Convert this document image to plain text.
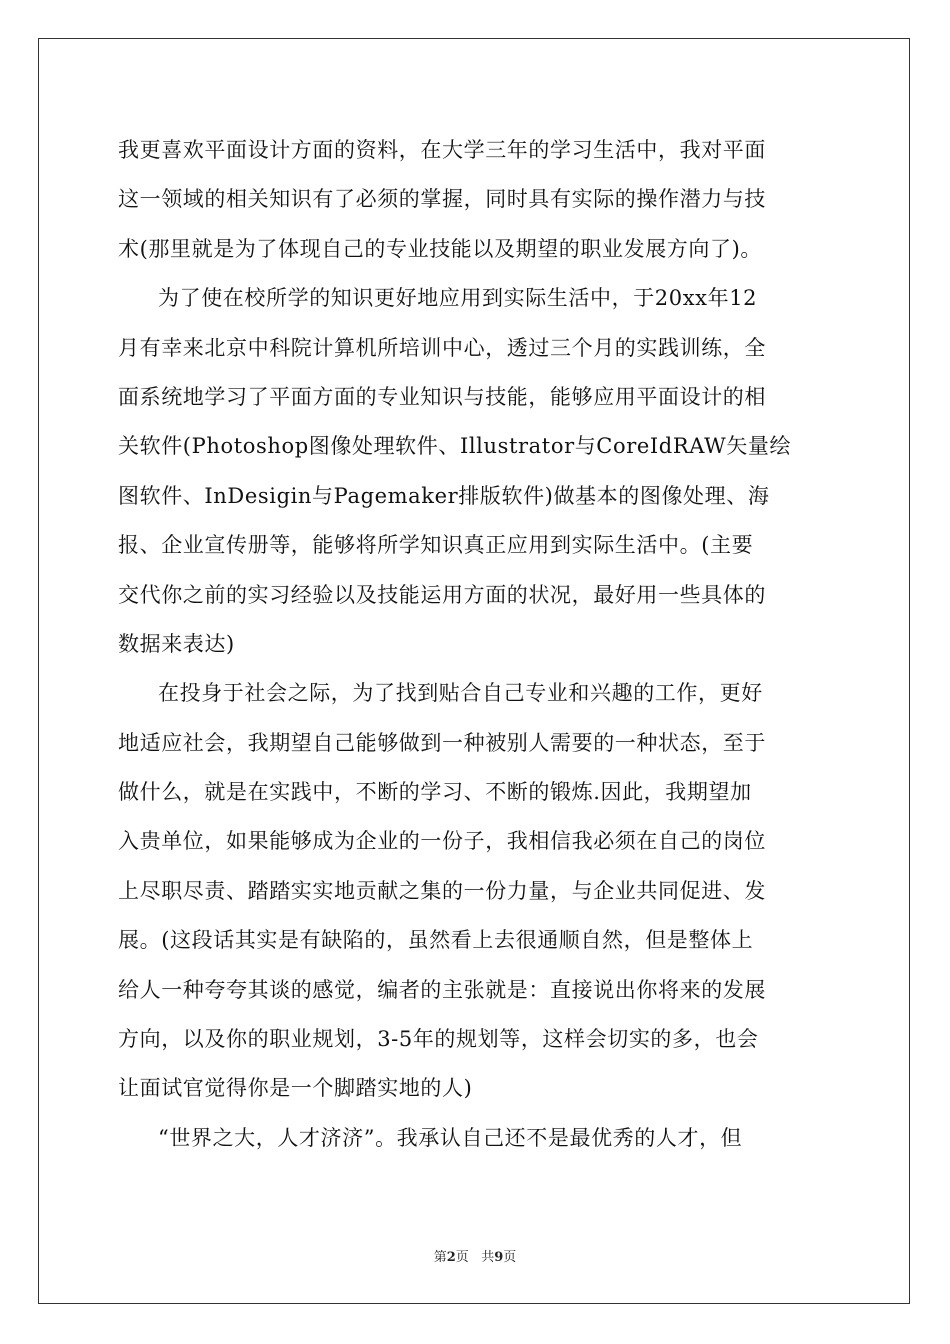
我更喜欢平面设计方面的资料，在大学三年的学习生活中，我对平面
这一领域的相关知识有了必须的掌握，同时具有实际的操作潜力与技
术(那里就是为了体现自己的专业技能以及期望的职业发展方向了)。
为了使在校所学的知识更好地应用到实际生活中，于20xx年12
月有幸来北京中科院计算机所培训中心，透过三个月的实践训练，全
面系统地学习了平面方面的专业知识与技能，能够应用平面设计的相
关软件(Photoshop图像处理软件、Illustrator与CoreIdRAW矢量绘
图软件、InDesigin与Pagemaker排版软件)做基本的图像处理、海
报、企业宣传册等，能够将所学知识真正应用到实际生活中。(主要
交代你之前的实习经验以及技能运用方面的状况，最好用一些具体的
数据来表达)
在投身于社会之际，为了找到贴合自己专业和兴趣的工作，更好
地适应社会，我期望自己能够做到一种被别人需要的一种状态，至于
做什么，就是在实践中，不断的学习、不断的锻炼.因此，我期望加
入贵单位，如果能够成为企业的一份子，我相信我必须在自己的岗位
上尽职尽责、踏踏实实地贡献之集的一份力量，与企业共同促进、发
展。(这段话其实是有缺陷的，虽然看上去很通顺自然，但是整体上
给人一种夸夸其谈的感觉，编者的主张就是：直接说出你将来的发展
方向，以及你的职业规划，3-5年的规划等，这样会切实的多，也会
让面试官觉得你是一个脚踏实地的人)
“世界之大，人才济济”。我承认自己还不是最优秀的人才，但
第2页 共9页
